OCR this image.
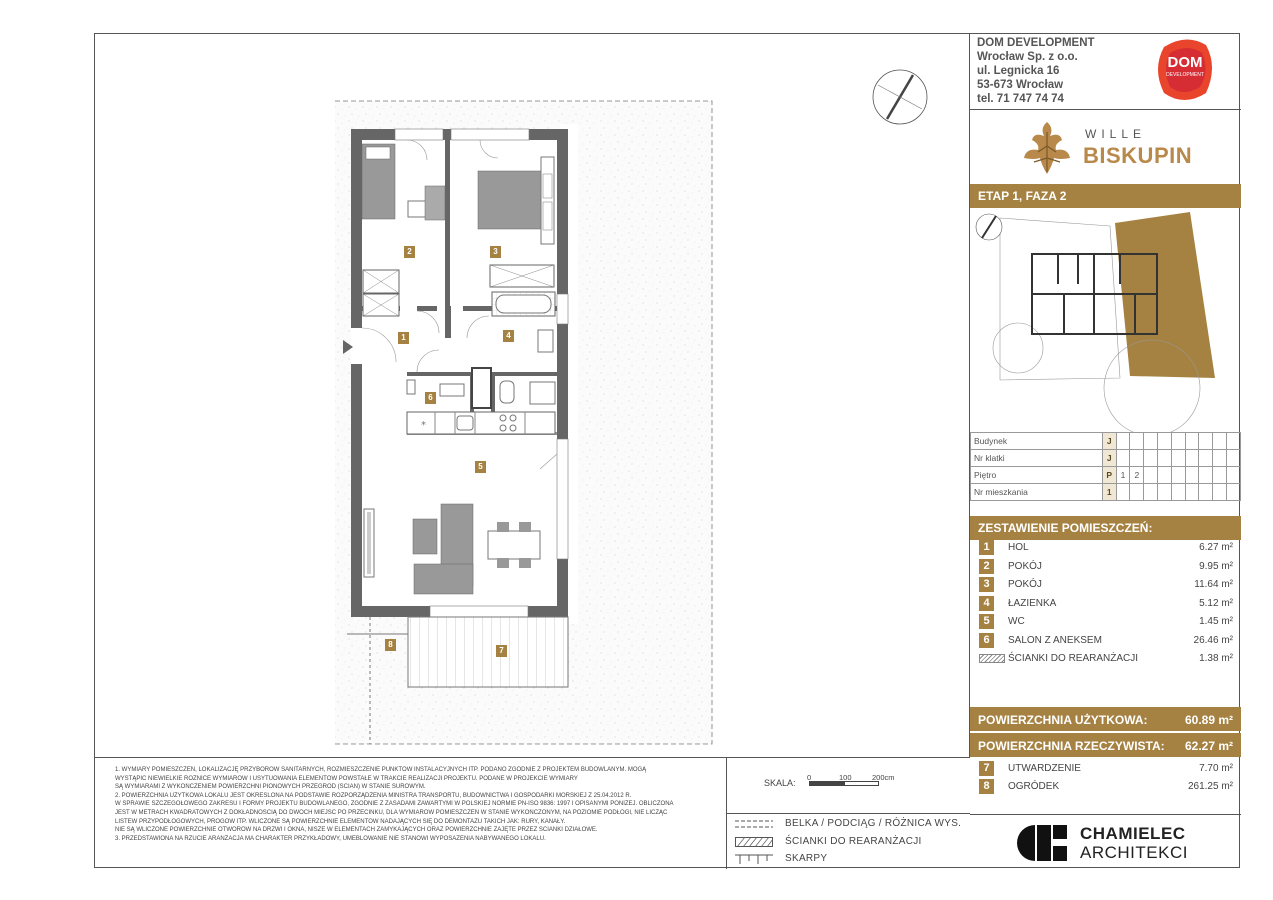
*
1
2	3
4
5
6
7
8
1. WYMIARY POMIESZCZEŃ, LOKALIZACJĘ PRZYBORÓW SANITARNYCH, ROZMIESZCZENIE PUNKTÓW INSTALACYJNYCH ITP. PODANO ZGODNIE Z PROJEKTEM BUDOWLANYM. MOGĄ
WYSTĄPIĆ NIEWIELKIE RÓŻNICE WYMIARÓW I USYTUOWANIA ELEMENTÓW POWSTAŁE W TRAKCIE REALIZACJI PROJEKTU. PODANE W PROJEKCIE WYMIARY
SĄ WYMIARAMI Z WYKOŃCZENIEM POWIERZCHNI PIONOWYCH PRZEGRÓD (ŚCIAN) W STANIE SUROWYM.
2. POWIERZCHNIA UŻYTKOWA LOKALU JEST OKREŚLONA NA PODSTAWIE ROZPORZĄDZENIA MINISTRA TRANSPORTU, BUDOWNICTWA I GOSPODARKI MORSKIEJ Z 25.04.2012 R.
W SPRAWIE SZCZEGÓŁOWEGO ZAKRESU I FORMY PROJEKTU BUDOWLANEGO, ZGODNIE Z ZASADAMI ZAWARTYMI W POLSKIEJ NORMIE PN-ISO 9836: 1997 I OPISANYMI PONIŻEJ. OBLICZONA
JEST W METRACH KWADRATOWYCH Z DOKŁADNOŚCIĄ DO DWÓCH MIEJSC PO PRZECINKU, DLA WYMIARÓW POMIESZCZEŃ W STANIE WYKOŃCZONYM, NA POZIOMIE PODŁOGI, NIE LICZĄC
LISTEW PRZYPODŁOGOWYCH, PROGÓW ITP. WLICZONE SĄ POWIERZCHNIE ELEMENTÓW NADAJĄCYCH SIĘ DO DEMONTAŻU TAKICH JAK: RURY, KANAŁY.
NIE SĄ WLICZONE POWIERZCHNIE OTWORÓW NA DRZWI I OKNA, NISZE W ELEMENTACH ZAMYKAJĄCYCH ORAZ POWIERZCHNIE ZAJĘTE PRZEZ ŚCIANKI DZIAŁOWE.
3. PRZEDSTAWIONA NA RZUCIE ARANŻACJA MA CHARAKTER PRZYKŁADOWY, UMEBLOWANIE NIE STANOWI WYPOSAŻENIA NABYWANEGO LOKALU.
SKALA:
0	100	200cm
BELKA / PODCIĄG / RÓŻNICA WYS.
ŚCIANKI DO REARANŻACJI
SKARPY
DOM DEVELOPMENT
Wrocław Sp. z o.o.
ul. Legnicka 16
53-673 Wrocław
tel. 71 747 74 74
DOM
DEVELOPMENT
WILLE
BISKUPIN
ETAP 1, FAZA 2
Budynek	J									
Nr klatki	J									
Piętro	P	1	2							
Nr mieszkania	1									
ZESTAWIENIE POMIESZCZEŃ:
1	HOL	6.27 m²
2	POKÓJ	9.95 m²
3	POKÓJ	11.64 m²
4	ŁAZIENKA	5.12 m²
5	WC	1.45 m²
6	SALON Z ANEKSEM	26.46 m²
ŚCIANKI DO REARANŻACJI	1.38 m²
POWIERZCHNIA UŻYTKOWA:	60.89 m²
POWIERZCHNIA RZECZYWISTA: 62.27 m²
7	UTWARDZENIE	7.70 m²
8	OGRÓDEK	261.25 m²
CHAMIELEC
ARCHITEKCI
